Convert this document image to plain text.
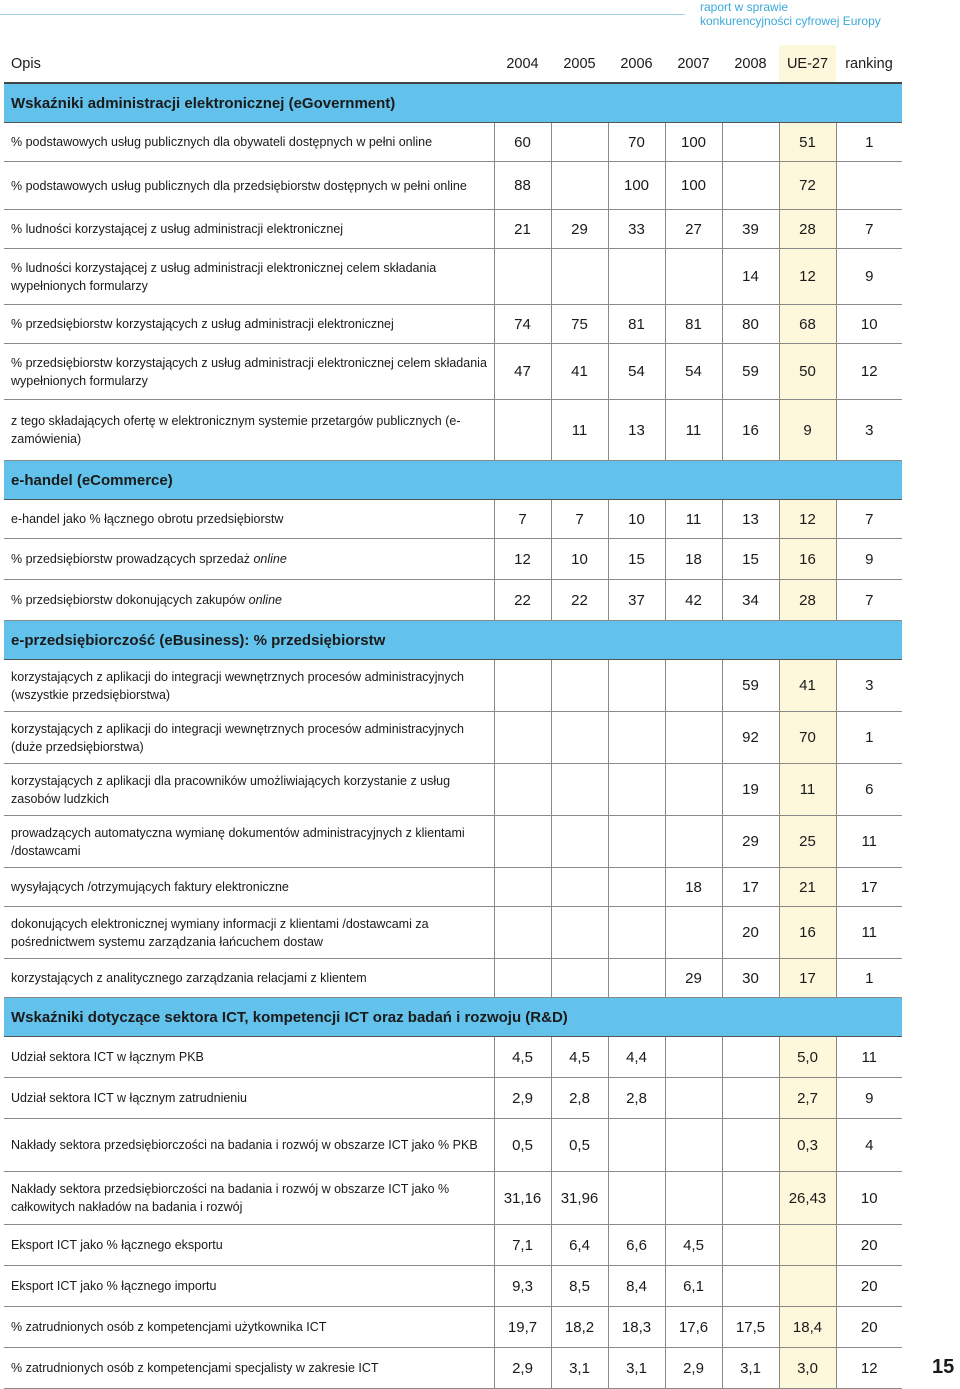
raport w sprawie
konkurencyjności cyfrowej Europy
Opis	2004	2005	2006	2007	2008	UE-27	ranking
Wskaźniki administracji elektronicznej (eGovernment)							
% podstawowych usług publicznych dla obywateli dostępnych w pełni online	60		70	100		51	1
% podstawowych usług publicznych dla przedsiębiorstw dostępnych w pełni online	88		100	100		72	
% ludności korzystającej z usług administracji elektronicznej	21	29	33	27	39	28	7
% ludności korzystającej z usług administracji elektronicznej celem składania wypełnionych formularzy					14	12	9
% przedsiębiorstw korzystających z usług administracji elektronicznej	74	75	81	81	80	68	10
% przedsiębiorstw korzystających z usług administracji elektronicznej celem składania wypełnionych formularzy	47	41	54	54	59	50	12
z tego składających ofertę w elektronicznym systemie przetargów publicznych (e-zamówienia)		11	13	11	16	9	3
e-handel (eCommerce)							
e-handel jako % łącznego obrotu przedsiębiorstw	7	7	10	11	13	12	7
% przedsiębiorstw prowadzących sprzedaż online	12	10	15	18	15	16	9
% przedsiębiorstw dokonujących zakupów online	22	22	37	42	34	28	7
e-przedsiębiorczość (eBusiness): % przedsiębiorstw							
korzystających z aplikacji do integracji wewnętrznych procesów administracyjnych (wszystkie przedsiębiorstwa)					59	41	3
korzystających z aplikacji do integracji wewnętrznych procesów administracyjnych (duże przedsiębiorstwa)					92	70	1
korzystających z aplikacji dla pracowników umożliwiających korzystanie z usług zasobów ludzkich					19	11	6
prowadzących automatyczna wymianę dokumentów administracyjnych z klientami /dostawcami					29	25	11
wysyłających /otrzymujących faktury elektroniczne				18	17	21	17
dokonujących elektronicznej wymiany informacji z klientami /dostawcami za pośrednictwem systemu zarządzania łańcuchem dostaw					20	16	11
korzystających z analitycznego zarządzania relacjami z klientem				29	30	17	1
Wskaźniki dotyczące sektora ICT, kompetencji ICT oraz badań i rozwoju (R&D)							
Udział sektora ICT w łącznym PKB	4,5	4,5	4,4			5,0	11
Udział sektora ICT w łącznym zatrudnieniu	2,9	2,8	2,8			2,7	9
Nakłady sektora przedsiębiorczości na badania i rozwój w obszarze ICT jako % PKB	0,5	0,5				0,3	4
Nakłady sektora przedsiębiorczości na badania i rozwój w obszarze ICT jako % całkowitych nakładów na badania i rozwój	31,16	31,96				26,43	10
Eksport ICT jako % łącznego eksportu	7,1	6,4	6,6	4,5			20
Eksport ICT jako % łącznego importu	9,3	8,5	8,4	6,1			20
% zatrudnionych osób z kompetencjami użytkownika ICT	19,7	18,2	18,3	17,6	17,5	18,4	20
% zatrudnionych osób z kompetencjami specjalisty w zakresie ICT	2,9	3,1	3,1	2,9	3,1	3,0	12	15
